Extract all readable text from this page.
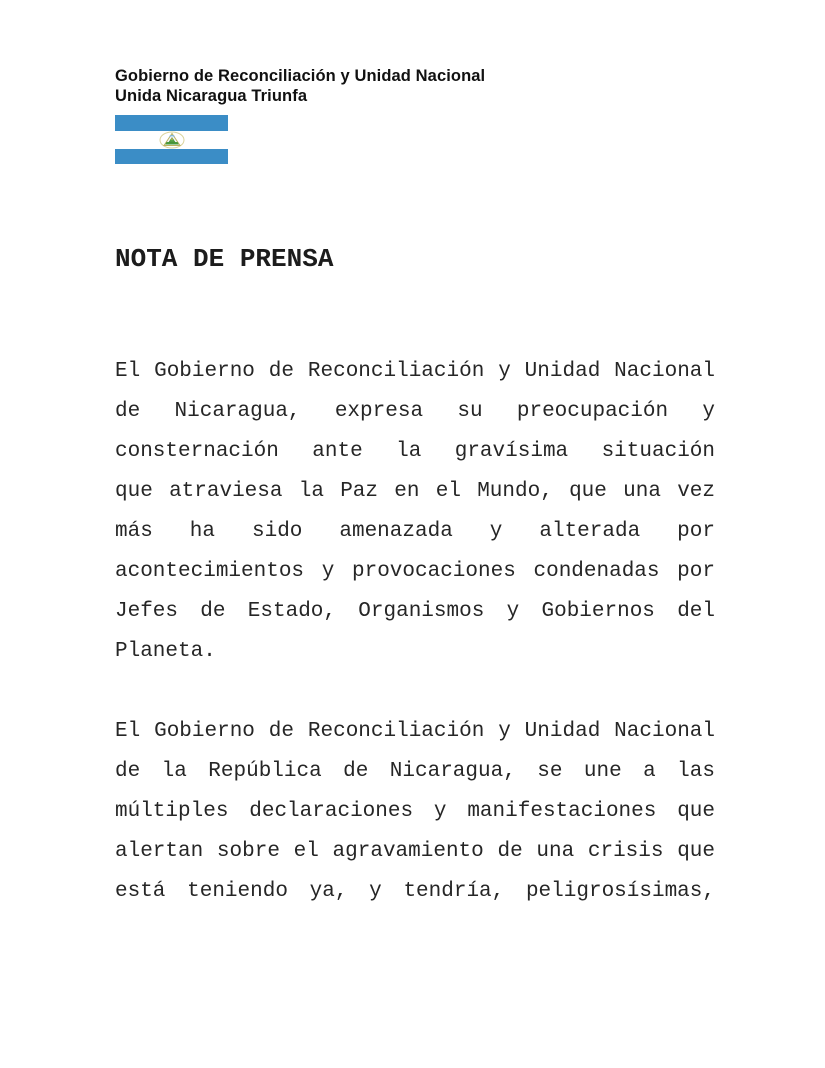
Gobierno de Reconciliación y Unidad Nacional
Unida Nicaragua Triunfa
NOTA DE PRENSA
El Gobierno de Reconciliación y Unidad Nacional
de Nicaragua, expresa su preocupación y
consternación ante la gravísima situación
que atraviesa la Paz en el Mundo, que una vez
más ha sido amenazada y alterada por
acontecimientos y provocaciones condenadas por
Jefes de Estado, Organismos y Gobiernos del
Planeta.
El Gobierno de Reconciliación y Unidad Nacional
de la República de Nicaragua, se une a las
múltiples declaraciones y manifestaciones que
alertan sobre el agravamiento de una crisis que
está teniendo ya, y tendría, peligrosísimas,
